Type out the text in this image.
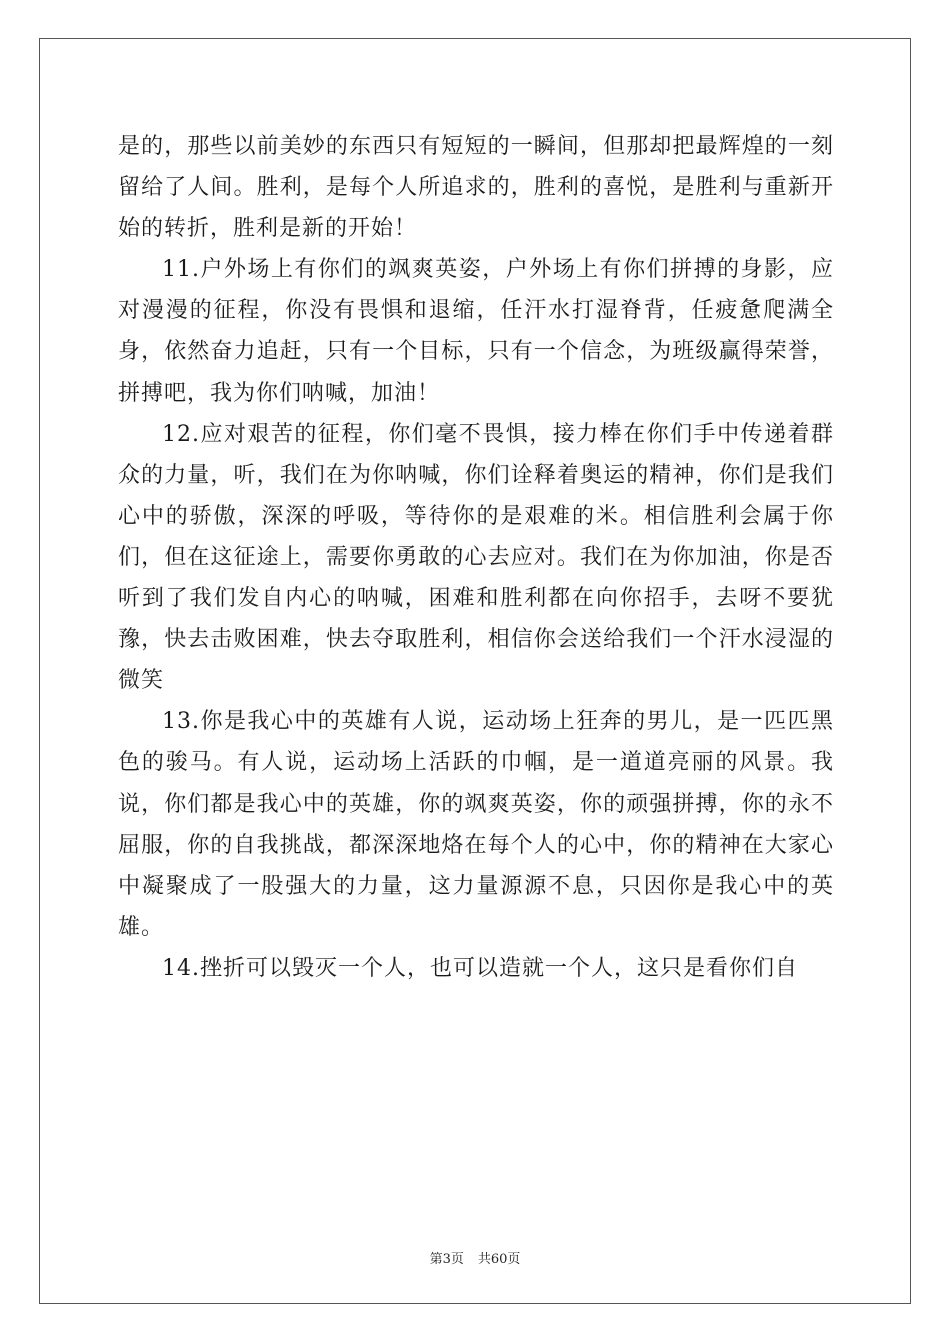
是的，那些以前美妙的东西只有短短的一瞬间，但那却把最辉煌的一刻留给了人间。胜利，是每个人所追求的，胜利的喜悦，是胜利与重新开始的转折，胜利是新的开始！

11.户外场上有你们的飒爽英姿，户外场上有你们拼搏的身影，应对漫漫的征程，你没有畏惧和退缩，任汗水打湿脊背，任疲惫爬满全身，依然奋力追赶，只有一个目标，只有一个信念，为班级赢得荣誉，拼搏吧，我为你们呐喊，加油！

12.应对艰苦的征程，你们毫不畏惧，接力棒在你们手中传递着群众的力量，听，我们在为你呐喊，你们诠释着奥运的精神，你们是我们心中的骄傲，深深的呼吸，等待你的是艰难的米。相信胜利会属于你们，但在这征途上，需要你勇敢的心去应对。我们在为你加油，你是否听到了我们发自内心的呐喊，困难和胜利都在向你招手，去呀不要犹豫，快去击败困难，快去夺取胜利，相信你会送给我们一个汗水浸湿的微笑

13.你是我心中的英雄有人说，运动场上狂奔的男儿，是一匹匹黑色的骏马。有人说，运动场上活跃的巾帼，是一道道亮丽的风景。我说，你们都是我心中的英雄，你的飒爽英姿，你的顽强拼搏，你的永不屈服，你的自我挑战，都深深地烙在每个人的心中，你的精神在大家心中凝聚成了一股强大的力量，这力量源源不息，只因你是我心中的英雄。

14.挫折可以毁灭一个人，也可以造就一个人，这只是看你们自

第3页 共60页
